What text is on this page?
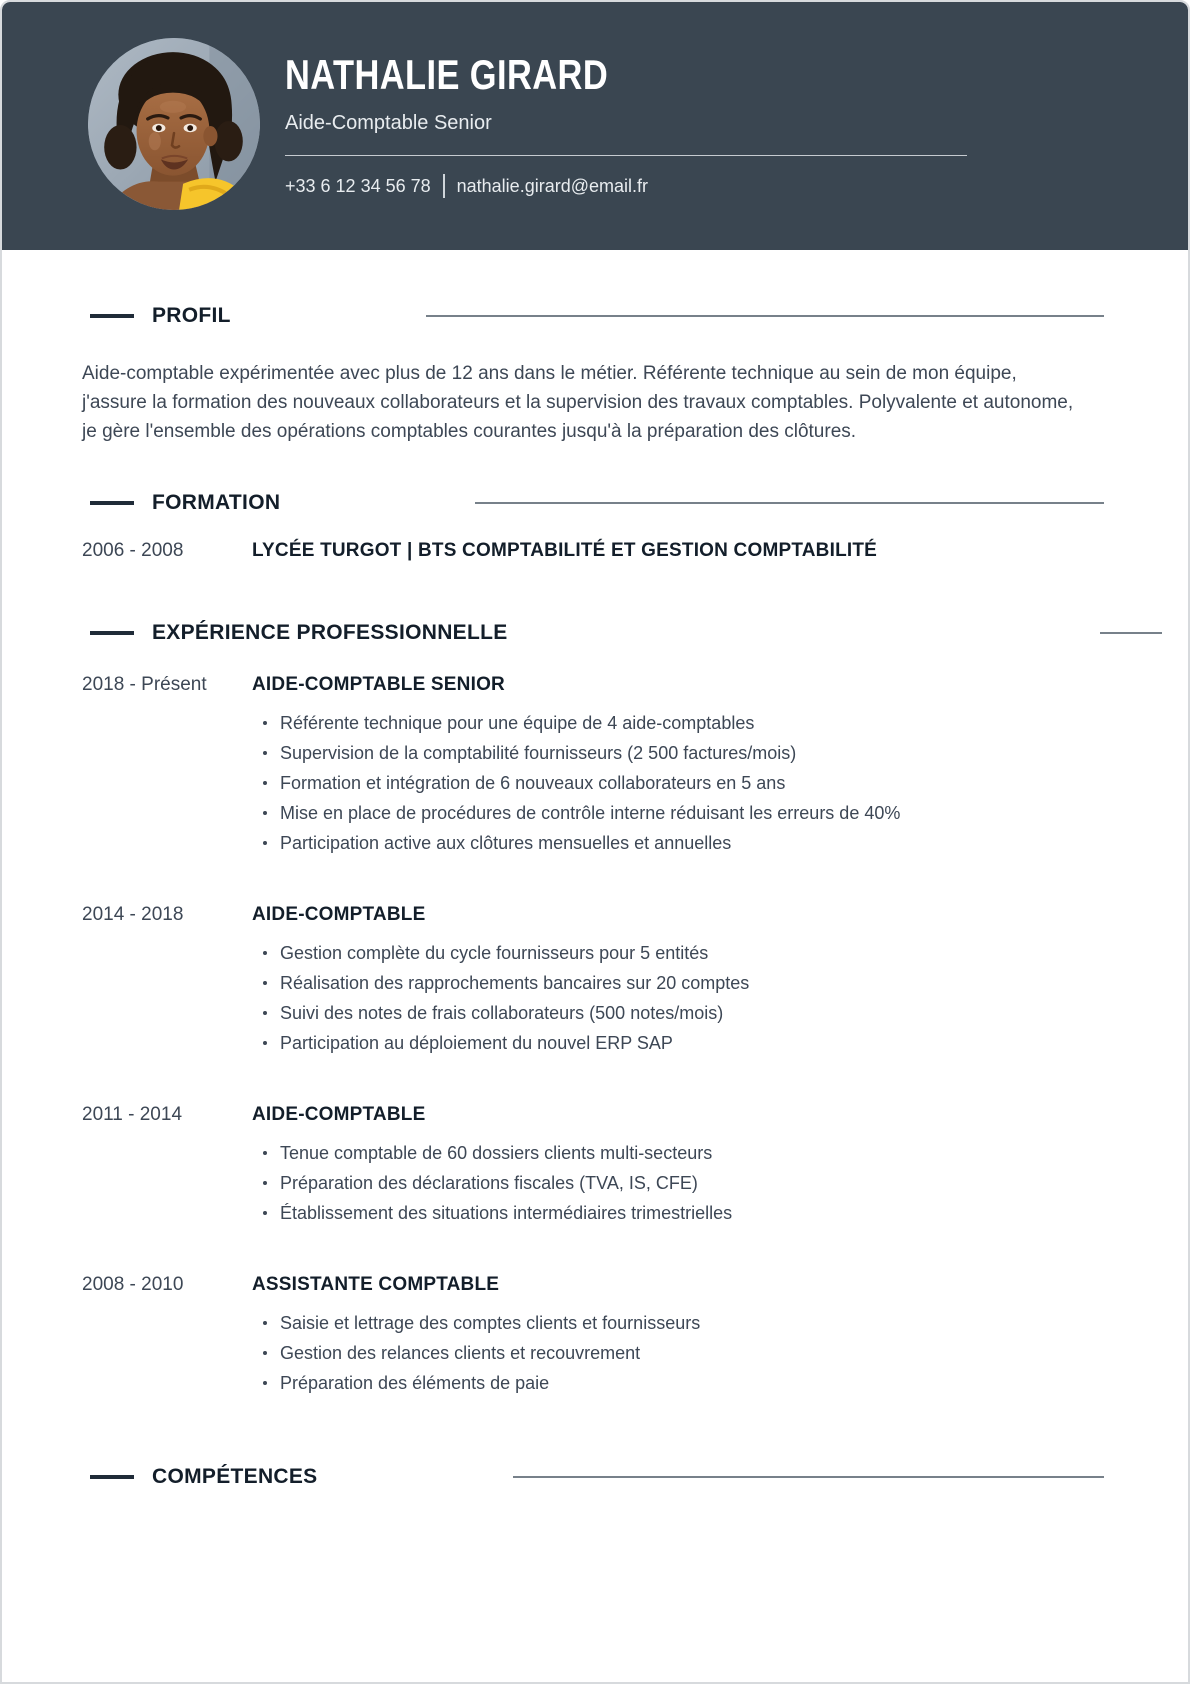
NATHALIE GIRARD
Aide-Comptable Senior
+33 6 12 34 56 78 nathalie.girard@email.fr
PROFIL

Aide-comptable expérimentée avec plus de 12 ans dans le métier. Référente technique au sein de mon équipe, j'assure la formation des nouveaux collaborateurs et la supervision des travaux comptables. Polyvalente et autonome, je gère l'ensemble des opérations comptables courantes jusqu'à la préparation des clôtures.

FORMATION
2006 - 2008	LYCÉE TURGOT | BTS COMPTABILITÉ ET GESTION COMPTABILITÉ
EXPÉRIENCE PROFESSIONNELLE
2018 - Présent	AIDE-COMPTABLE SENIOR
Référente technique pour une équipe de 4 aide-comptables
Supervision de la comptabilité fournisseurs (2 500 factures/mois)
Formation et intégration de 6 nouveaux collaborateurs en 5 ans
Mise en place de procédures de contrôle interne réduisant les erreurs de 40%
Participation active aux clôtures mensuelles et annuelles
2014 - 2018	AIDE-COMPTABLE
Gestion complète du cycle fournisseurs pour 5 entités
Réalisation des rapprochements bancaires sur 20 comptes
Suivi des notes de frais collaborateurs (500 notes/mois)
Participation au déploiement du nouvel ERP SAP
2011 - 2014	AIDE-COMPTABLE
Tenue comptable de 60 dossiers clients multi-secteurs
Préparation des déclarations fiscales (TVA, IS, CFE)
Établissement des situations intermédiaires trimestrielles
2008 - 2010	ASSISTANTE COMPTABLE
Saisie et lettrage des comptes clients et fournisseurs
Gestion des relances clients et recouvrement
Préparation des éléments de paie
COMPÉTENCES
